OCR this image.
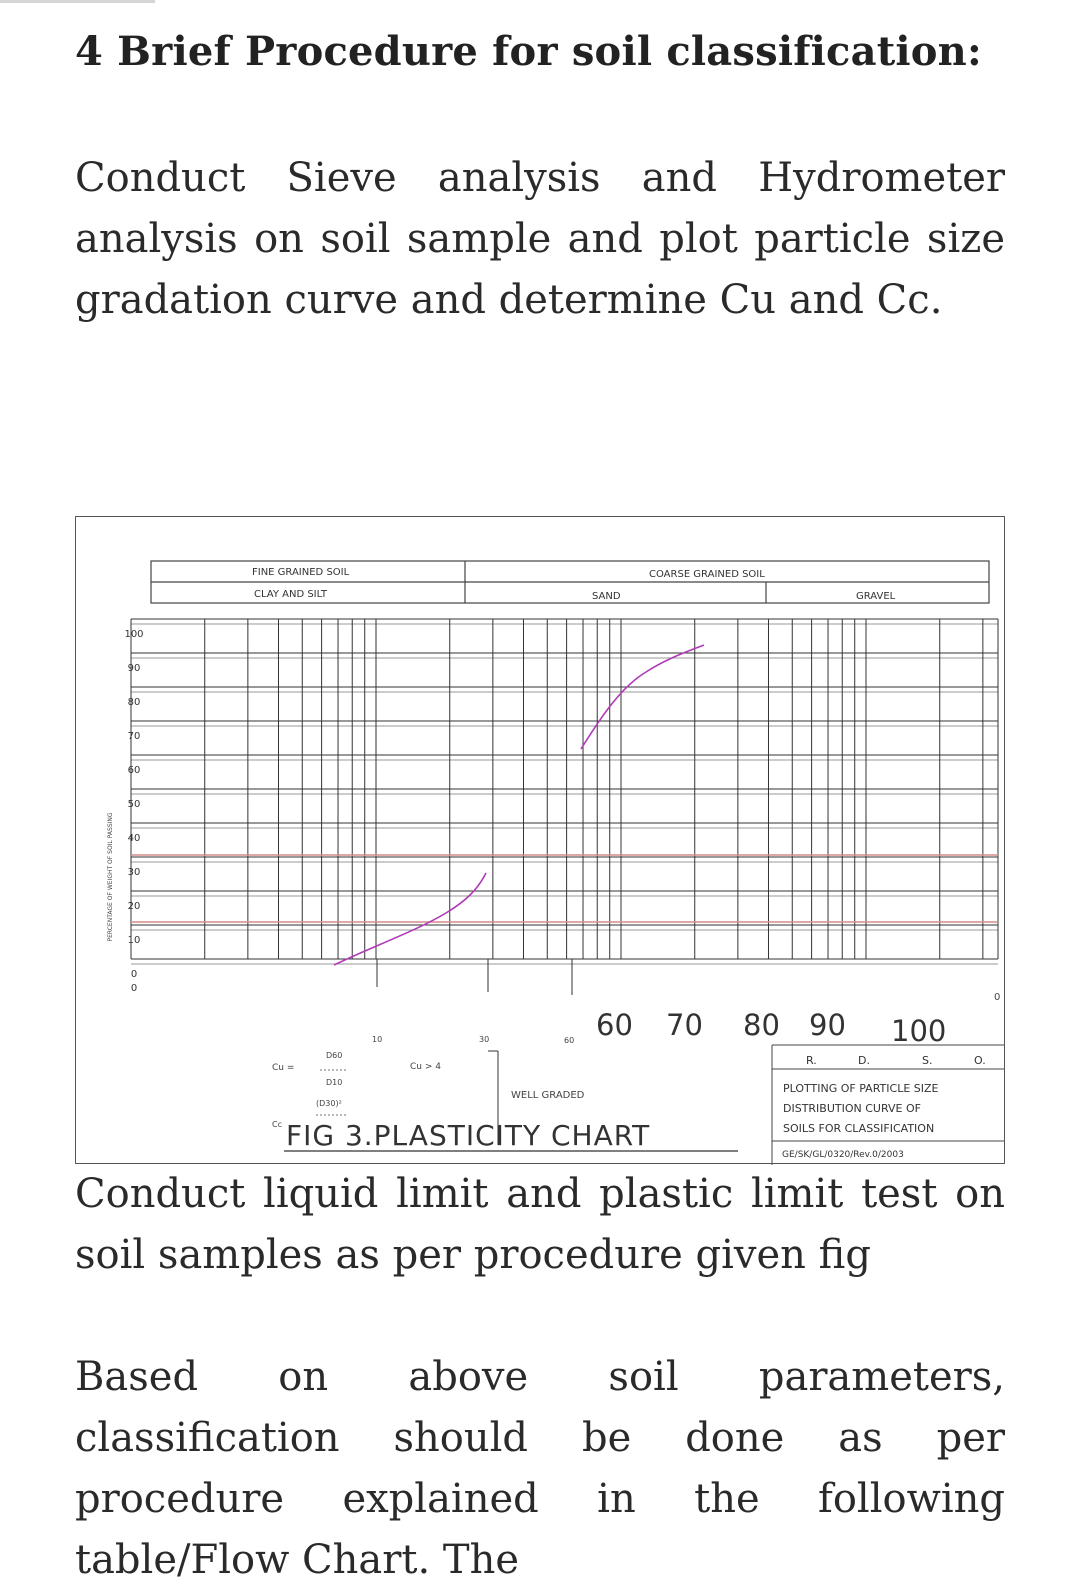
4 Brief Procedure for soil classification:

Conduct Sieve analysis and Hydrometer analysis on soil sample and plot particle size gradation curve and determine Cu and Cc.

FINE GRAINED SOIL
CLAY AND SILT
COARSE GRAINED SOIL
SAND	GRAVEL
100
90
80
70
60
50
40
30
20
10
0
0
PERCENTAGE OF WEIGHT OF SOIL PASSING
10	30	60
0
60 70 80 90 100
Cu =
D60
D10
Cu > 4
(D30)²
Cc
WELL GRADED
FIG 3.PLASTICITY CHART
R.	D.	S.	O.
PLOTTING OF PARTICLE SIZE
DISTRIBUTION CURVE OF
SOILS FOR CLASSIFICATION
GE/SK/GL/0320/Rev.0/2003

Conduct liquid limit and plastic limit test on soil samples as per procedure given fig

Based on above soil parameters, classification should be done as per procedure explained in the following table/Flow Chart. The
